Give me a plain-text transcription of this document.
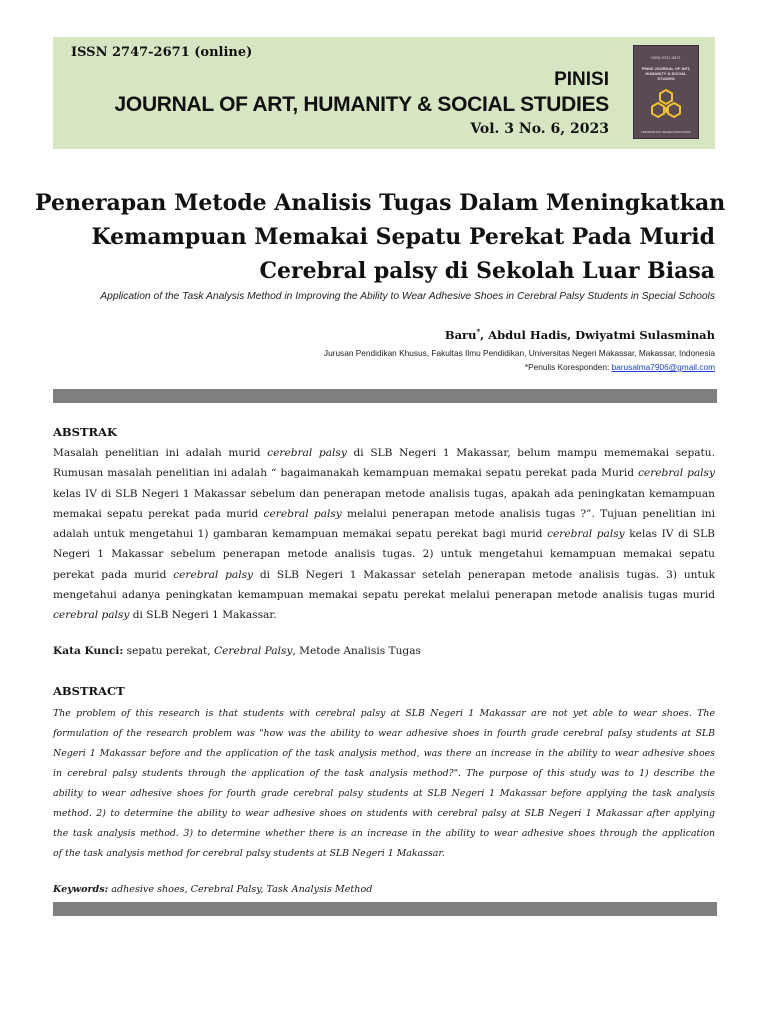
ISSN 2747-2671 (online)
PINISI
JOURNAL OF ART, HUMANITY & SOCIAL STUDIES
Vol. 3 No. 6, 2023
ISSN 2747-2671
PINISI JOURNAL OF ART, HUMANITY & SOCIAL STUDIES
UNIVERSITAS NEGERI MAKASSAR
Penerapan Metode Analisis Tugas Dalam Meningkatkan
Kemampuan Memakai Sepatu Perekat Pada Murid
Cerebral palsy di Sekolah Luar Biasa
Application of the Task Analysis Method in Improving the Ability to Wear Adhesive Shoes in Cerebral Palsy Students in Special Schools
Baru*, Abdul Hadis, Dwiyatmi Sulasminah
Jurusan Pendidikan Khusus, Fakultas Ilmu Pendidikan, Universitas Negeri Makassar, Makassar, Indonesia
*Penulis Koresponden: barusalma7906@gmail.com
ABSTRAK
Masalah penelitian ini adalah murid cerebral palsy di SLB Negeri 1 Makassar, belum mampu mememakai sepatu.
Rumusan masalah penelitian ini adalah “ bagaimanakah kemampuan memakai sepatu perekat pada Murid cerebral palsy
kelas IV di SLB Negeri 1 Makassar sebelum dan penerapan metode analisis tugas, apakah ada peningkatan kemampuan
memakai sepatu perekat pada murid cerebral palsy melalui penerapan metode analisis tugas ?”. Tujuan penelitian ini
adalah untuk mengetahui 1) gambaran kemampuan memakai sepatu perekat bagi murid cerebral palsy kelas IV di SLB
Negeri 1 Makassar sebelum penerapan metode analisis tugas. 2) untuk mengetahui kemampuan memakai sepatu
perekat pada murid cerebral palsy di SLB Negeri 1 Makassar setelah penerapan metode analisis tugas. 3) untuk
mengetahui adanya peningkatan kemampuan memakai sepatu perekat melalui penerapan metode analisis tugas murid
cerebral palsy di SLB Negeri 1 Makassar.
Kata Kunci: sepatu perekat, Cerebral Palsy, Metode Analisis Tugas
ABSTRACT
The problem of this research is that students with cerebral palsy at SLB Negeri 1 Makassar are not yet able to wear shoes. The
formulation of the research problem was "how was the ability to wear adhesive shoes in fourth grade cerebral palsy students at SLB
Negeri 1 Makassar before and the application of the task analysis method, was there an increase in the ability to wear adhesive shoes
in cerebral palsy students through the application of the task analysis method?". The purpose of this study was to 1) describe the
ability to wear adhesive shoes for fourth grade cerebral palsy students at SLB Negeri 1 Makassar before applying the task analysis
method. 2) to determine the ability to wear adhesive shoes on students with cerebral palsy at SLB Negeri 1 Makassar after applying
the task analysis method. 3) to determine whether there is an increase in the ability to wear adhesive shoes through the application
of the task analysis method for cerebral palsy students at SLB Negeri 1 Makassar.
Keywords: adhesive shoes, Cerebral Palsy, Task Analysis Method
